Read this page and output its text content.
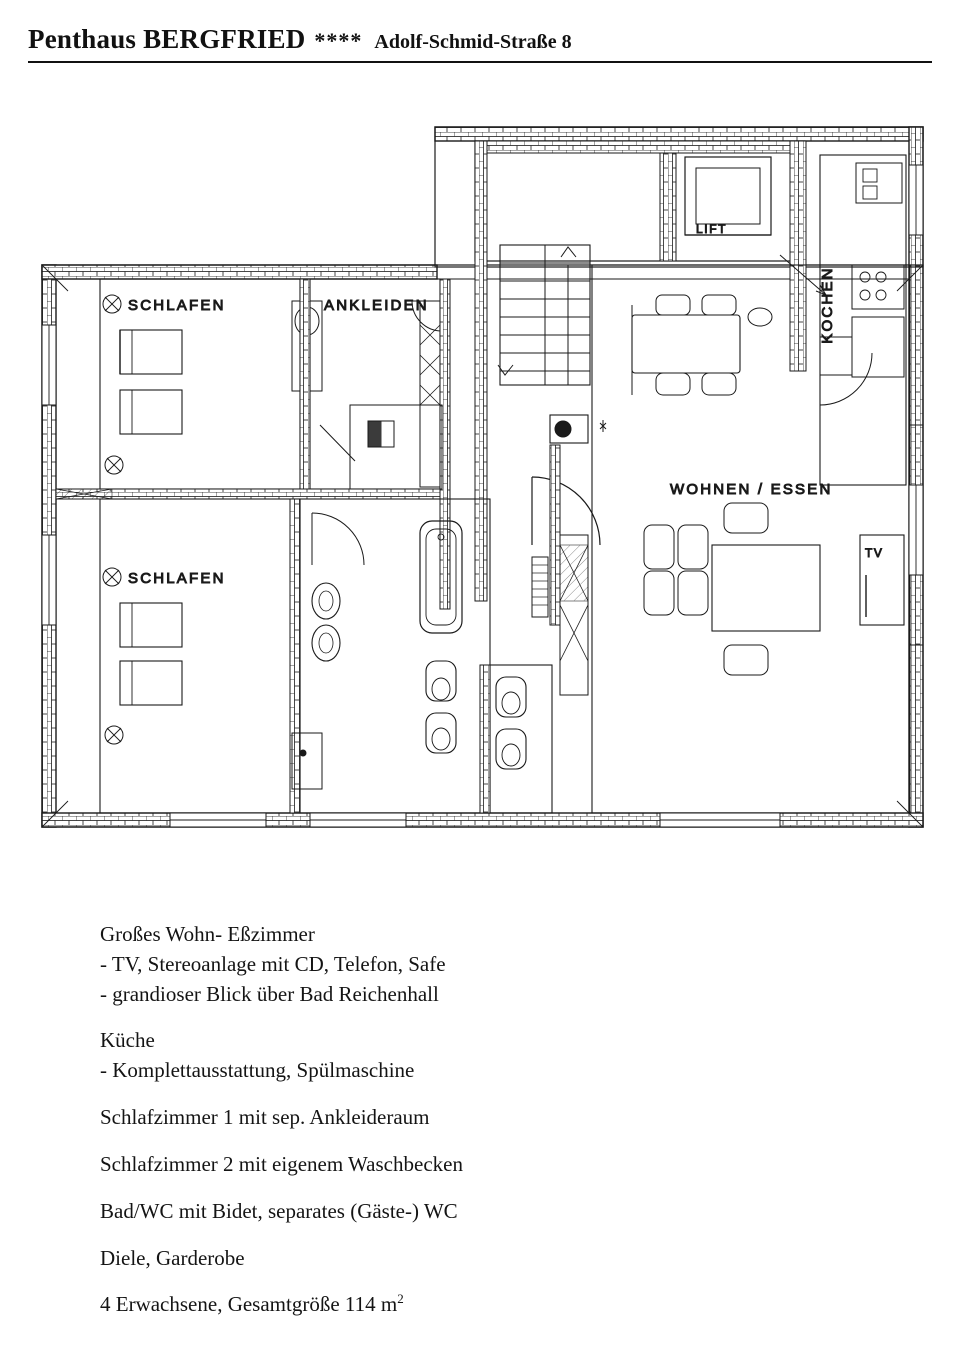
Penthaus BERGFRIED **** Adolf-Schmid-Straße 8
LIFT
KOCHEN
WOHNEN / ESSEN
TV
SCHLAFEN	ANKLEIDEN
SCHLAFEN
Großes Wohn- Eßzimmer
- TV, Stereoanlage mit CD, Telefon, Safe
- grandioser Blick über Bad Reichenhall
Küche
- Komplettausstattung, Spülmaschine
Schlafzimmer 1 mit sep. Ankleideraum
Schlafzimmer 2 mit eigenem Waschbecken
Bad/WC mit Bidet, separates (Gäste-) WC
Diele, Garderobe
4 Erwachsene, Gesamtgröße 114 $m^2$
